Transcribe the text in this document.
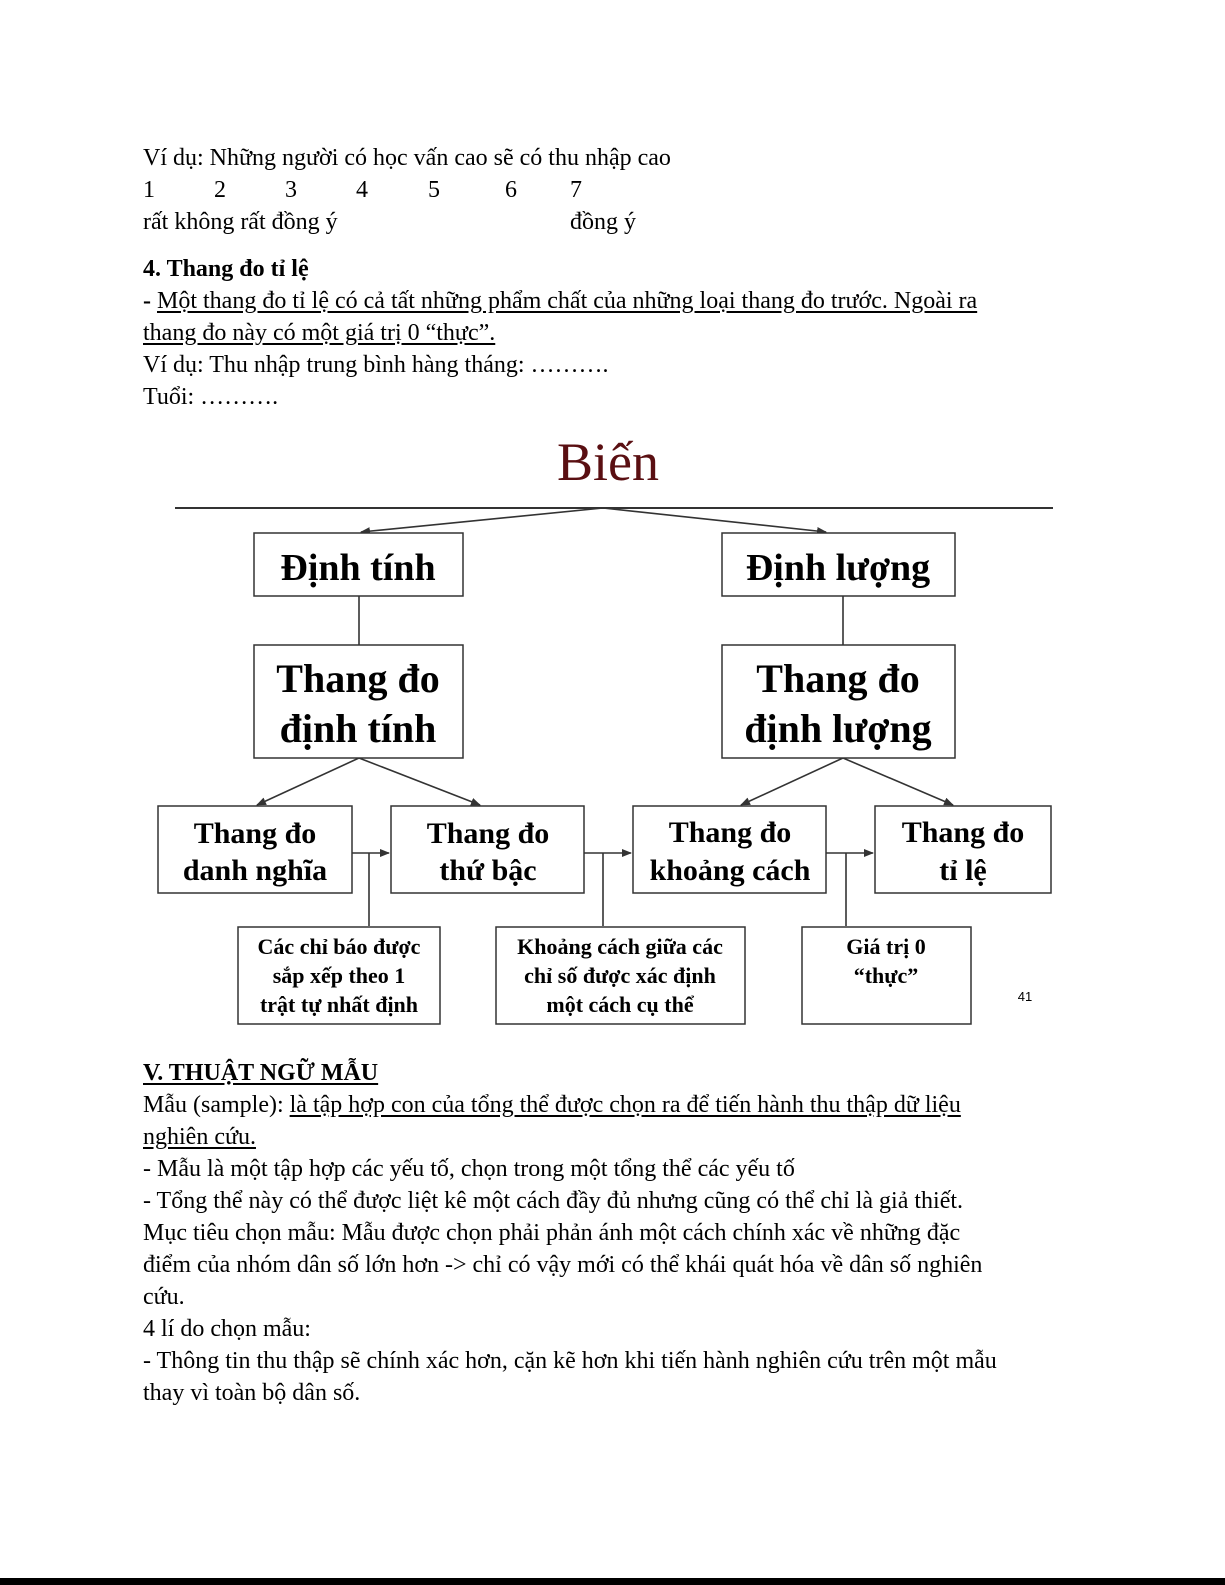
Ví dụ: Những người có học vấn cao sẽ có thu nhập cao
1 2 3 4	5	6 7
rất không rất đồng ý	đồng ý
4. Thang đo tỉ lệ
- Một thang đo tỉ lệ có cả tất những phẩm chất của những loại thang đo trước. Ngoài ra
thang đo này có một giá trị 0 “thực”.
Ví dụ: Thu nhập trung bình hàng tháng: ……….
Tuổi: ……….
Biến
Định tính	Định lượng
Thang đo
định tính
Thang đo
định lượng
Thang đo
danh nghĩa
Thang đo
thứ bậc
Thang đo
khoảng cách
Thang đo
tỉ lệ
Các chỉ báo được
sắp xếp theo 1
trật tự nhất định
Khoảng cách giữa các
chỉ số được xác định
một cách cụ thể
Giá trị 0
“thực”
41
V. THUẬT NGỮ MẪU
Mẫu (sample): là tập hợp con của tổng thể được chọn ra để tiến hành thu thập dữ liệu
nghiên cứu.
- Mẫu là một tập hợp các yếu tố, chọn trong một tổng thể các yếu tố
- Tổng thể này có thể được liệt kê một cách đầy đủ nhưng cũng có thể chỉ là giả thiết.
Mục tiêu chọn mẫu: Mẫu được chọn phải phản ánh một cách chính xác về những đặc
điểm của nhóm dân số lớn hơn -> chỉ có vậy mới có thể khái quát hóa về dân số nghiên
cứu.
4 lí do chọn mẫu:
- Thông tin thu thập sẽ chính xác hơn, cặn kẽ hơn khi tiến hành nghiên cứu trên một mẫu
thay vì toàn bộ dân số.
